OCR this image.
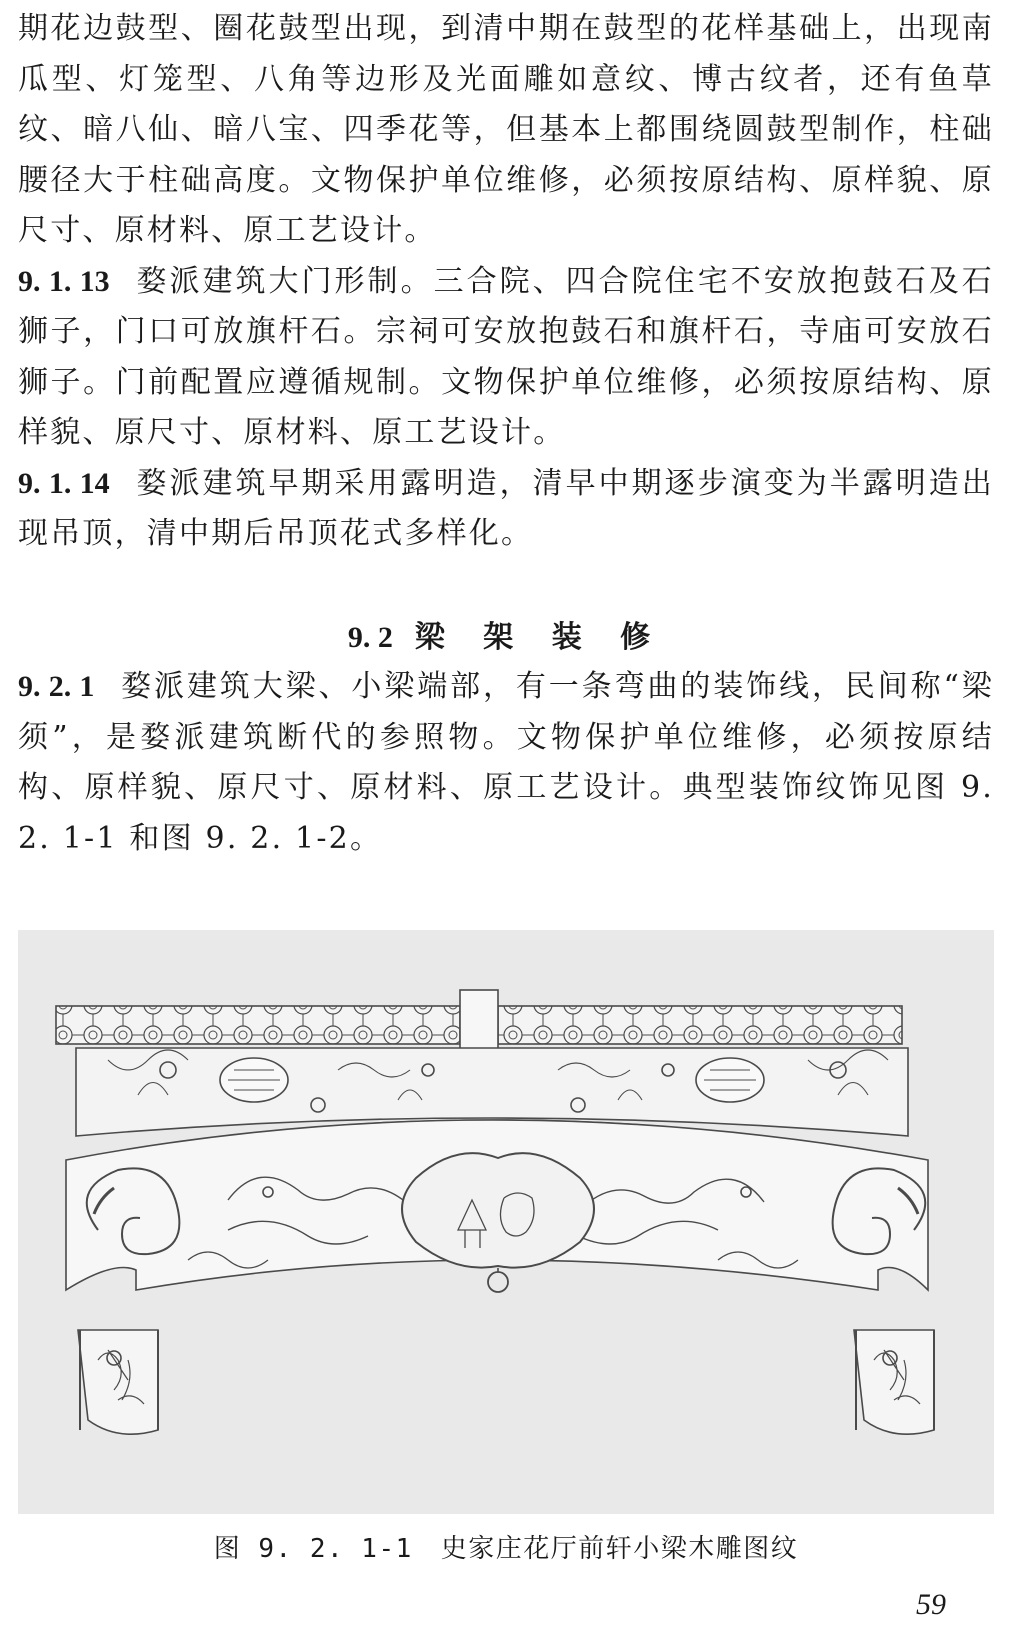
期花边鼓型、圈花鼓型出现，到清中期在鼓型的花样基础上，出现南瓜型、灯笼型、八角等边形及光面雕如意纹、博古纹者，还有鱼草纹、暗八仙、暗八宝、四季花等，但基本上都围绕圆鼓型制作，柱础腰径大于柱础高度。文物保护单位维修，必须按原结构、原样貌、原尺寸、原材料、原工艺设计。

9. 1. 13 婺派建筑大门形制。三合院、四合院住宅不安放抱鼓石及石狮子，门口可放旗杆石。宗祠可安放抱鼓石和旗杆石，寺庙可安放石狮子。门前配置应遵循规制。文物保护单位维修，必须按原结构、原样貌、原尺寸、原材料、原工艺设计。

9. 1. 14 婺派建筑早期采用露明造，清早中期逐步演变为半露明造出现吊顶，清中期后吊顶花式多样化。

9. 2 梁 架 装 修

9. 2. 1 婺派建筑大梁、小梁端部，有一条弯曲的装饰线，民间称“梁须”，是婺派建筑断代的参照物。文物保护单位维修，必须按原结构、原样貌、原尺寸、原材料、原工艺设计。典型装饰纹饰见图 9. 2. 1-1 和图 9. 2. 1-2。

图 9. 2. 1-1 史家庄花厅前轩小梁木雕图纹
59
